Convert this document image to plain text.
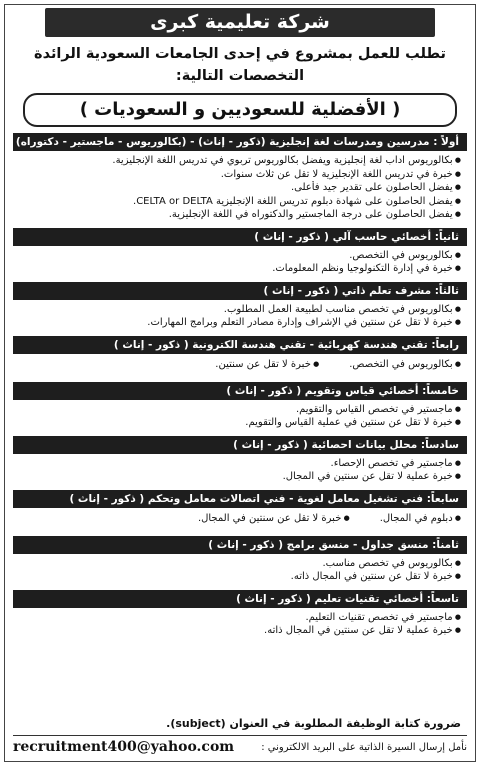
شركة تعليمية كبرى
تطلب للعمل بمشروع في إحدى الجامعات السعودية الرائدة
التخصصات التالية:
( الأفضلية للسعوديين و السعوديات )
أولاً : مدرسين ومدرسات لغة إنجليزية (ذكور - إناث) - (بكالوريوس - ماجستير - دكتوراه)
● بكالوريوس اداب لغة إنجليزية ويفضل بكالوريوس تربوي في تدريس اللغة الإنجليزية.
● خبرة في تدريس اللغة الإنجليزية لا تقل عن ثلاث سنوات.
● يفضل الحاصلون على تقدير جيد فأعلى.
● يفضل الحاصلون على شهادة دبلوم تدريس اللغة الإنجليزية CELTA or DELTA.
● يفضل الحاصلون على درجة الماجستير والدكتوراه في اللغة الإنجليزية.
ثانياً: أخصائي حاسب آلي ( ذكور - إناث )
● بكالوريوس في التخصص.
● خبرة في إدارة التكنولوجيا ونظم المعلومات.
ثالثاً: مشرف تعلم ذاتي ( ذكور - إناث )
● بكالوريوس في تخصص مناسب لطبيعة العمل المطلوب.
● خبرة لا تقل عن سنتين في الإشراف وإدارة مصادر التعلم وبرامج المهارات.
رابعاً: تقني هندسة كهربائية - تقني هندسة الكترونية ( ذكور - إناث )
● بكالوريوس في التخصص.● خبرة لا تقل عن سنتين.
خامساً: أخصائي قياس وتقويم ( ذكور - إناث )
● ماجستير في تخصص القياس والتقويم.
● خبرة لا تقل عن سنتين في عملية القياس والتقويم.
سادساً: محلل بيانات احصائية ( ذكور - إناث )
● ماجستير في تخصص الإحصاء.
● خبرة عملية لا تقل عن سنتين في المجال.
سابعاً: فني تشغيل معامل لغوية - فني اتصالات معامل وتحكم ( ذكور - إناث )
● دبلوم في المجال.● خبرة لا تقل عن سنتين في المجال.
ثامناً: منسق جداول - منسق برامج ( ذكور - إناث )
● بكالوريوس في تخصص مناسب.
● خبرة لا تقل عن سنتين في المجال ذاته.
تاسعاً: أخصائي تقنيات تعليم ( ذكور - إناث )
● ماجستير في تخصص تقنيات التعليم.
● خبرة عملية لا تقل عن سنتين في المجال ذاته.
ضرورة كتابة الوظيفة المطلوبة في العنوان (subject).
نأمل إرسال السيرة الذاتية على البريد الالكتروني :
recruitment400@yahoo.com
